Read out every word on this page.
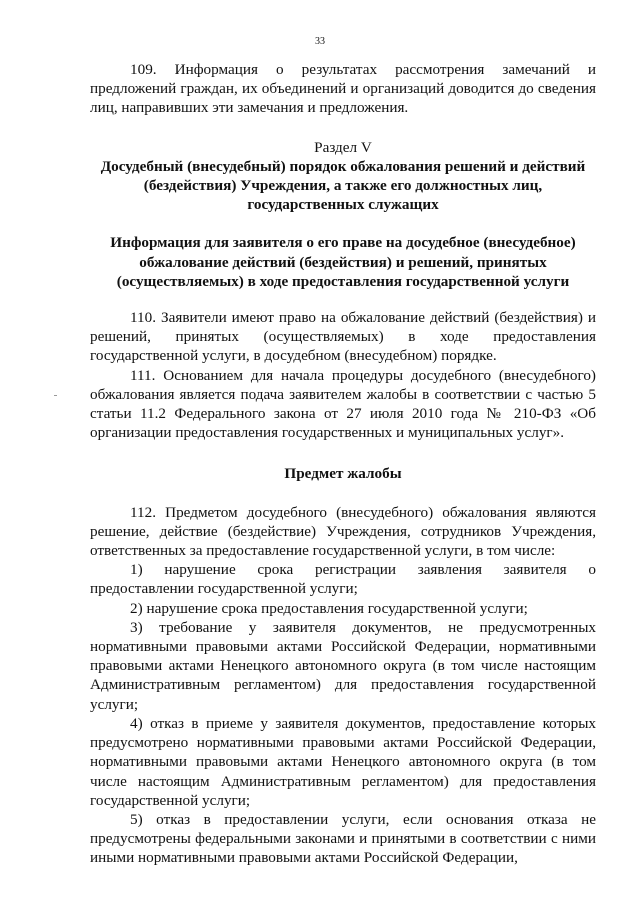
33

109. Информация о результатах рассмотрения замечаний и предложений граждан, их объединений и организаций доводится до сведения лиц, направивших эти замечания и предложения.

Раздел V

Досудебный (внесудебный) порядок обжалования решений и действий (бездействия) Учреждения, а также его должностных лиц, государственных служащих

Информация для заявителя о его праве на досудебное (внесудебное) обжалование действий (бездействия) и решений, принятых (осуществляемых) в ходе предоставления государственной услуги

110. Заявители имеют право на обжалование действий (бездействия) и решений, принятых (осуществляемых) в ходе предоставления государственной услуги, в досудебном (внесудебном) порядке.

111. Основанием для начала процедуры досудебного (внесудебного) обжалования является подача заявителем жалобы в соответствии с частью 5 статьи 11.2 Федерального закона от 27 июля 2010 года № 210-ФЗ «Об организации предоставления государственных и муниципальных услуг».

Предмет жалобы

112. Предметом досудебного (внесудебного) обжалования являются решение, действие (бездействие) Учреждения, сотрудников Учреждения, ответственных за предоставление государственной услуги, в том числе:

1) нарушение срока регистрации заявления заявителя о предоставлении государственной услуги;

2) нарушение срока предоставления государственной услуги;

3) требование у заявителя документов, не предусмотренных нормативными правовыми актами Российской Федерации, нормативными правовыми актами Ненецкого автономного округа (в том числе настоящим Административным регламентом) для предоставления государственной услуги;

4) отказ в приеме у заявителя документов, предоставление которых предусмотрено нормативными правовыми актами Российской Федерации, нормативными правовыми актами Ненецкого автономного округа (в том числе настоящим Административным регламентом) для предоставления государственной услуги;

5) отказ в предоставлении услуги, если основания отказа не предусмотрены федеральными законами и принятыми в соответствии с ними иными нормативными правовыми актами Российской Федерации,
